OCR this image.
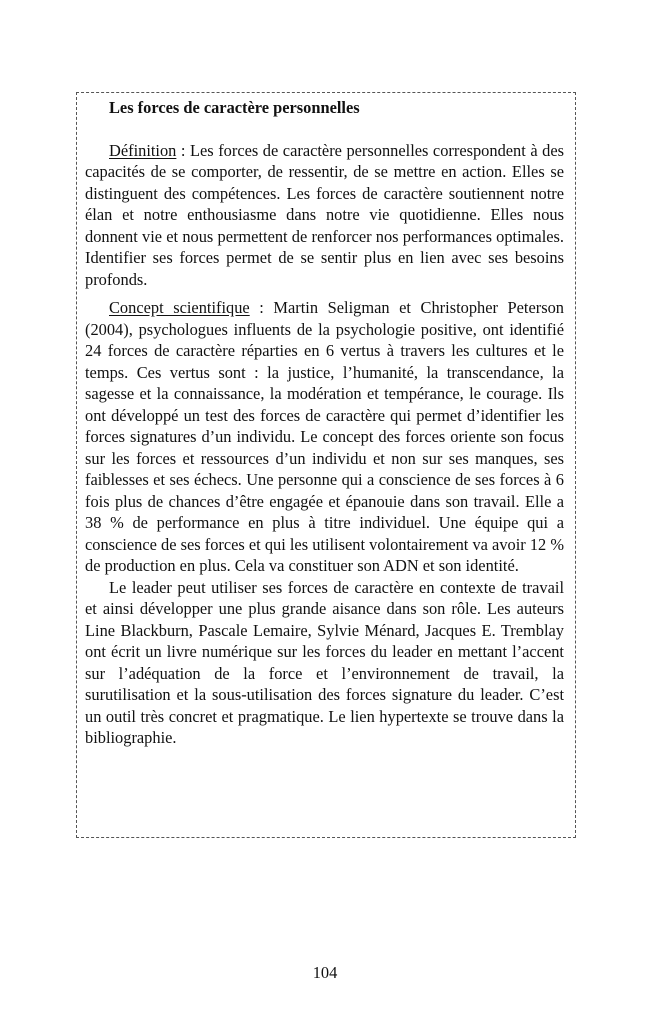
Les forces de caractère personnelles

Définition : Les forces de caractère personnelles correspondent à des capacités de se comporter, de ressentir, de se mettre en action. Elles se distinguent des compétences. Les forces de caractère soutiennent notre élan et notre enthousiasme dans notre vie quotidienne. Elles nous donnent vie et nous permettent de renforcer nos performances optimales. Identifier ses forces permet de se sentir plus en lien avec ses besoins profonds.

Concept scientifique : Martin Seligman et Christopher Peterson (2004), psychologues influents de la psychologie positive, ont identifié 24 forces de caractère réparties en 6 vertus à travers les cultures et le temps. Ces vertus sont : la justice, l’humanité, la transcendance, la sagesse et la connaissance, la modération et tempérance, le courage. Ils ont développé un test des forces de caractère qui permet d’identifier les forces signatures d’un individu. Le concept des forces oriente son focus sur les forces et ressources d’un individu et non sur ses manques, ses faiblesses et ses échecs. Une personne qui a conscience de ses forces à 6 fois plus de chances d’être engagée et épanouie dans son travail. Elle a 38 % de performance en plus à titre individuel. Une équipe qui a conscience de ses forces et qui les utilisent volontairement va avoir 12 % de production en plus. Cela va constituer son ADN et son identité.

Le leader peut utiliser ses forces de caractère en contexte de travail et ainsi développer une plus grande aisance dans son rôle. Les auteurs Line Blackburn, Pascale Lemaire, Sylvie Ménard, Jacques E. Tremblay ont écrit un livre numérique sur les forces du leader en mettant l’accent sur l’adéquation de la force et l’environnement de travail, la surutilisation et la sous-utilisation des forces signature du leader. C’est un outil très concret et pragmatique. Le lien hypertexte se trouve dans la bibliographie.

104
